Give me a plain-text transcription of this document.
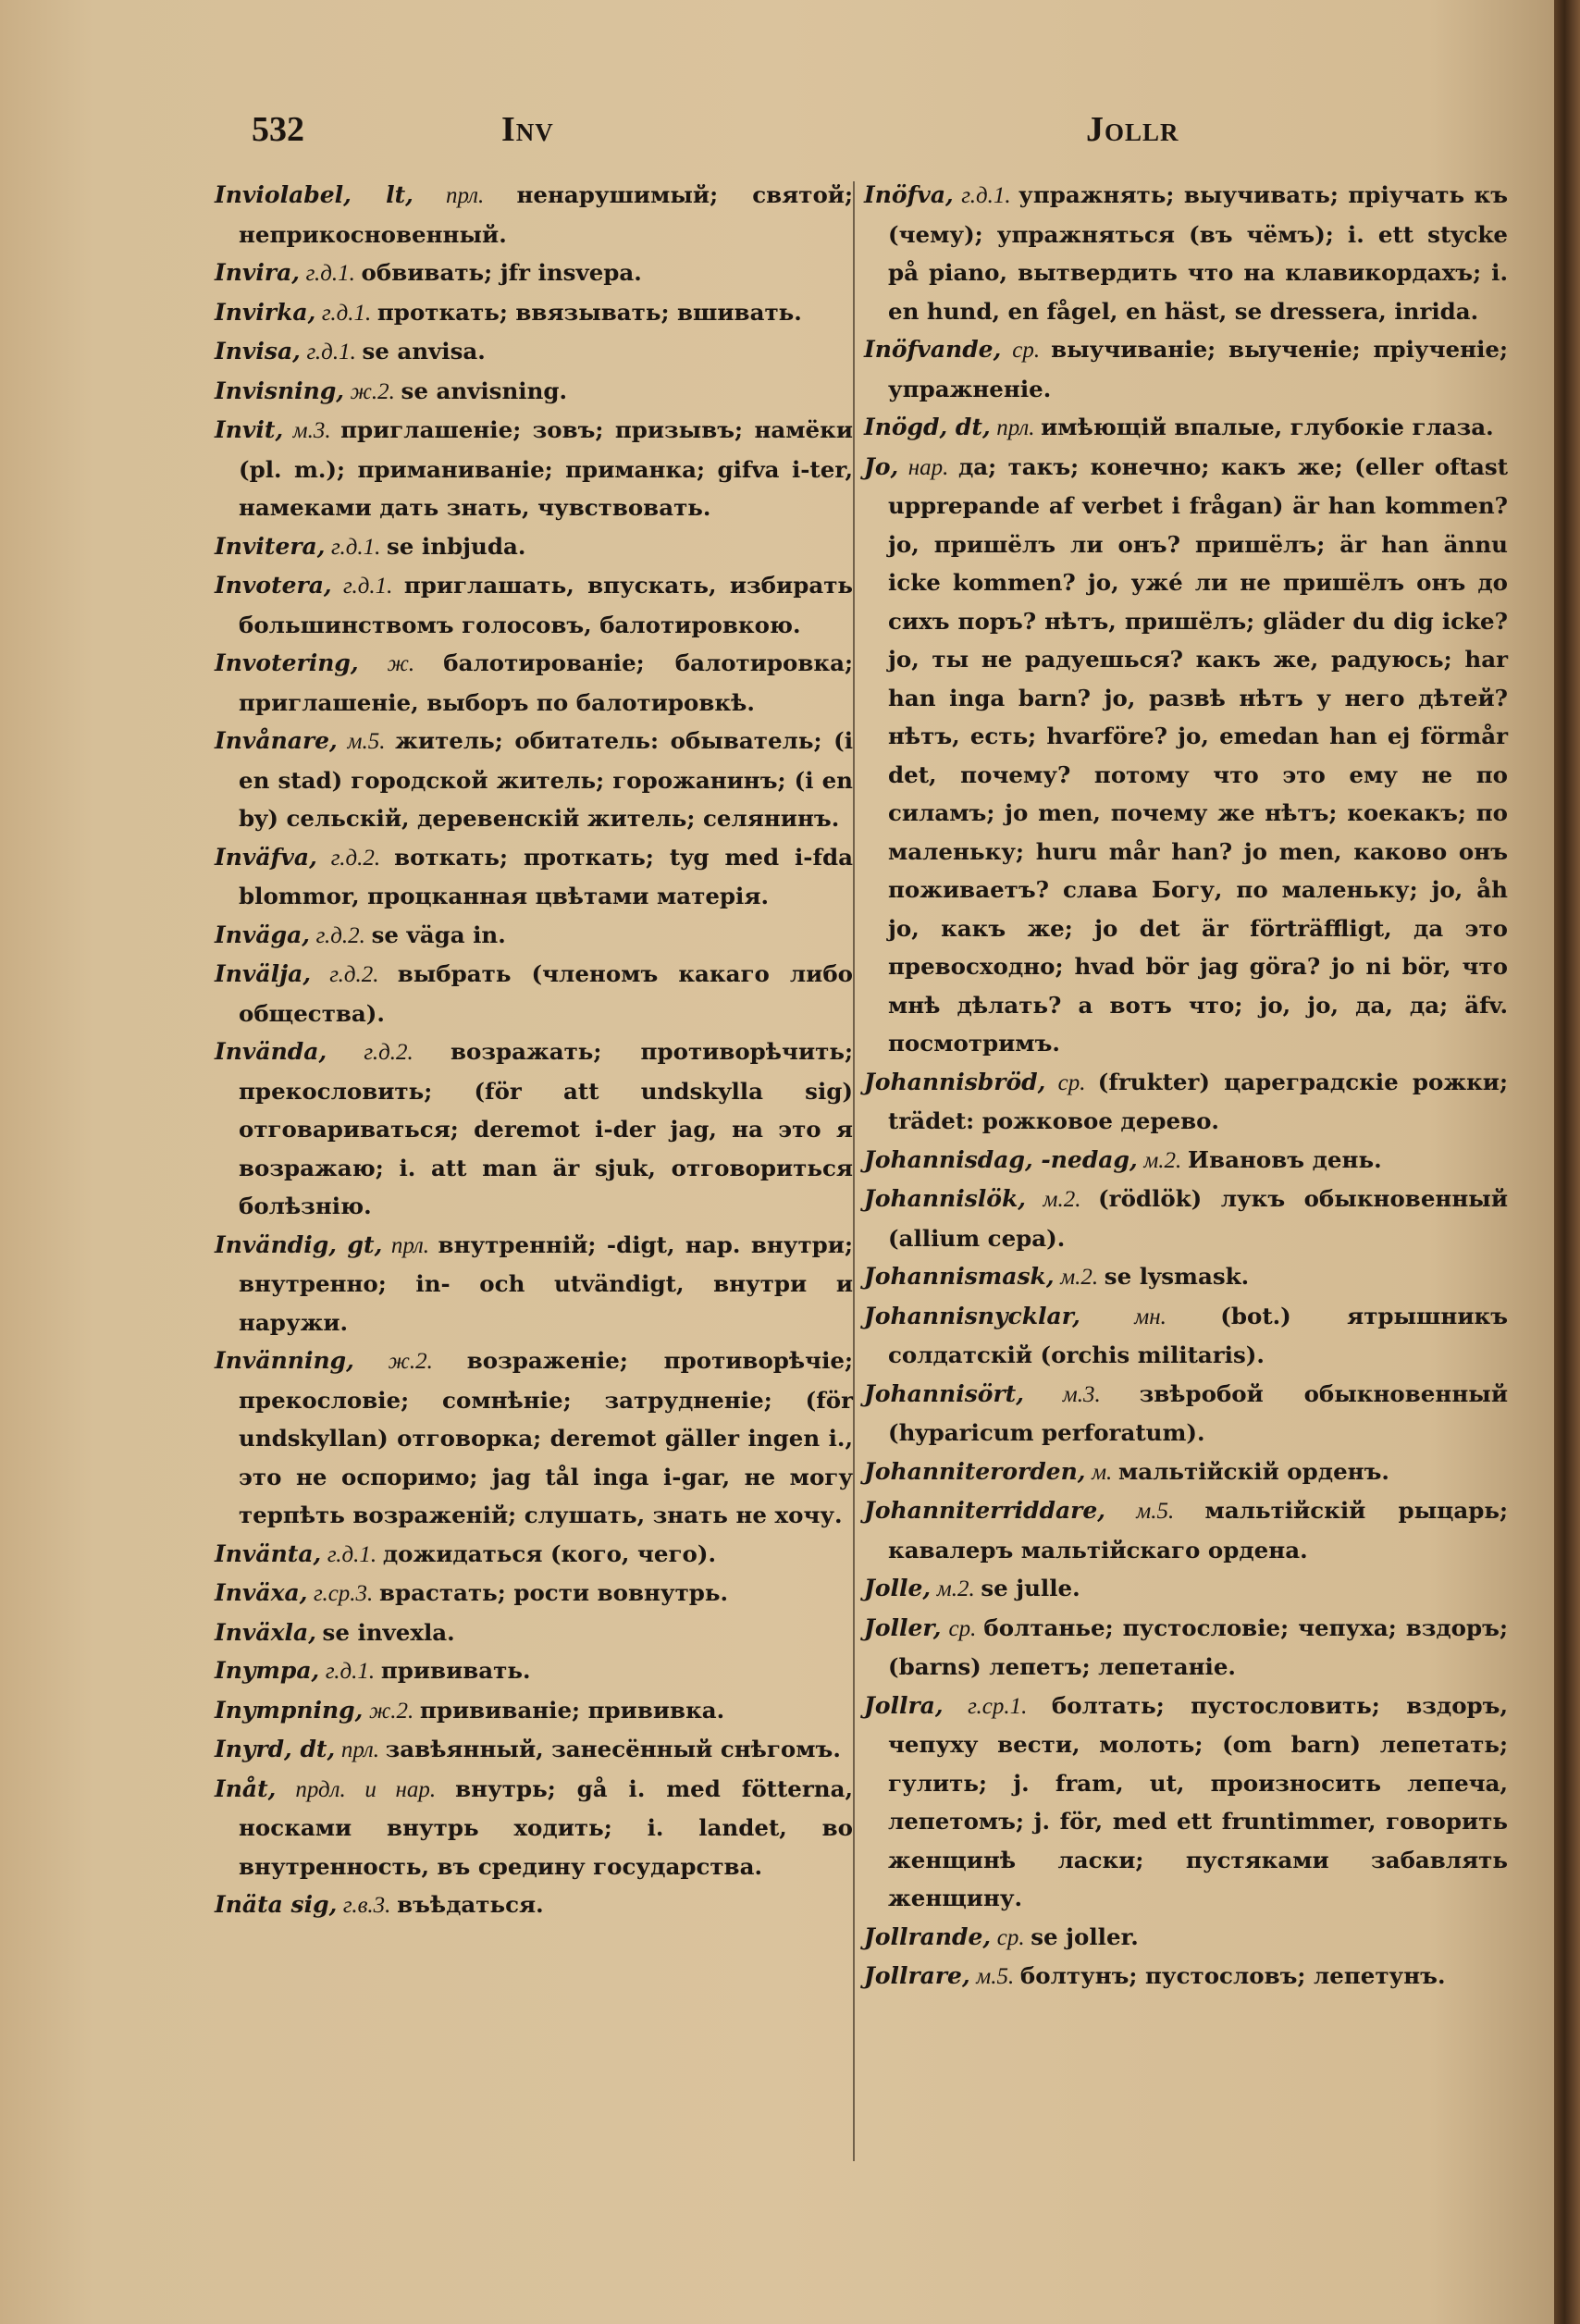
532	Inv	Jollr

Inviolabel, lt, прл. ненарушимый; святой; неприкосновенный.

Invira, г.д.1. обвивать; jfr insvepa.

Invirka, г.д.1. проткать; ввязывать; вшивать.

Invisa, г.д.1. se anvisa.

Invisning, ж.2. se anvisning.

Invit, м.3. приглашеніе; зовъ; призывъ; намёки (pl. m.); приманиваніе; приманка; gifva i-ter, намеками дать знать, чувствовать.

Invitera, г.д.1. se inbjuda.

Invotera, г.д.1. приглашать, впускать, избирать большинствомъ голосовъ, балотировкою.

Invotering, ж. балотированіе; балотировка; приглашеніе, выборъ по балотировкѣ.

Invånare, м.5. житель; обитатель: обыватель; (i en stad) городской житель; горожанинъ; (i en by) сельскій, деревенскій житель; селянинъ.

Inväfva, г.д.2. воткать; проткать; tyg med i-fda blommor, процканная цвѣтами матерія.

Inväga, г.д.2. se väga in.

Invälja, г.д.2. выбрать (членомъ какаго либо общества).

Invända, г.д.2. возражать; противорѣчить; прекословить; (för att undskylla sig) отговариваться; deremot i-der jag, на это я возражаю; i. att man är sjuk, отговориться болѣзнію.

Invändig, gt, прл. внутренній; -digt, нар. внутри; внутренно; in- och utvändigt, внутри и наружи.

Invänning, ж.2. возраженіе; противорѣчіе; прекословіе; сомнѣніе; затрудненіе; (för undskyllan) отговорка; deremot gäller ingen i., это не оспоримо; jag tål inga i-gar, не могу терпѣть возраженій; слушать, знать не хочу.

Invänta, г.д.1. дожидаться (кого, чего).

Inväxa, г.ср.3. врастать; рости вовнутрь.

Inväxla, se invexla.

Inympa, г.д.1. прививать.

Inympning, ж.2. прививаніе; прививка.

Inyrd, dt, прл. завѣянный, занесённый снѣгомъ.

Inåt, прдл. и нар. внутрь; gå i. med fötterna, носками внутрь ходить; i. landet, во внутренность, въ средину государства.

Inäta sig, г.в.3. въѣдаться.

Inöfva, г.д.1. упражнять; выучивать; пріучать къ (чему); упражняться (въ чёмъ); i. ett stycke på piano, вытвердить что на клавикордахъ; i. en hund, en fågel, en häst, se dressera, inrida.

Inöfvande, ср. выучиваніе; выученіе; пріученіе; упражненіе.

Inögd, dt, прл. имѣющій впалые, глубокіе глаза.

Jo, нар. да; такъ; конечно; какъ же; (eller oftast upprepande af verbet i frågan) är han kommen? jo, пришёлъ ли онъ? пришёлъ; är han ännu icke kommen? jo, ужé ли не пришёлъ онъ до сихъ поръ? нѣтъ, пришёлъ; gläder du dig icke? jo, ты не радуешься? какъ же, радуюсь; har han inga barn? jo, развѣ нѣтъ у него дѣтей? нѣтъ, есть; hvarföre? jo, emedan han ej förmår det, почему? потому что это ему не по силамъ; jo men, почему же нѣтъ; коекакъ; по маленьку; huru mår han? jo men, каково онъ поживаетъ? слава Богу, по маленьку; jo, åh jo, какъ же; jo det är förträffligt, да это превосходно; hvad bör jag göra? jo ni bör, что мнѣ дѣлать? а вотъ что; jo, jo, да, да; äfv. посмотримъ.

Johannisbröd, ср. (frukter) цареградскіе рожки; trädet: рожковое дерево.

Johannisdag, -nedag, м.2. Ивановъ день.

Johannislök, м.2. (rödlök) лукъ обыкновенный (allium сера).

Johannismask, м.2. se lysmask.

Johannisnycklar, мн. (bot.) ятрышникъ солдатскій (orchis militaris).

Johannisört, м.3. звѣробой обыкновенный (hyparicum perforatum).

Johanniterorden, м. мальтійскій орденъ.

Johanniterriddare, м.5. мальтійскій рыцарь; кавалеръ мальтійскаго ордена.

Jolle, м.2. se julle.

Joller, ср. болтанье; пустословіе; чепуха; вздоръ; (barns) лепетъ; лепетаніе.

Jollra, г.ср.1. болтать; пустословить; вздоръ, чепуху вести, молоть; (om barn) лепетать; гулить; j. fram, ut, произносить лепеча, лепетомъ; j. för, med ett fruntimmer, говорить женщинѣ ласки; пустяками забавлять женщину.

Jollrande, ср. se joller.

Jollrare, м.5. болтунъ; пустословъ; лепетунъ.
